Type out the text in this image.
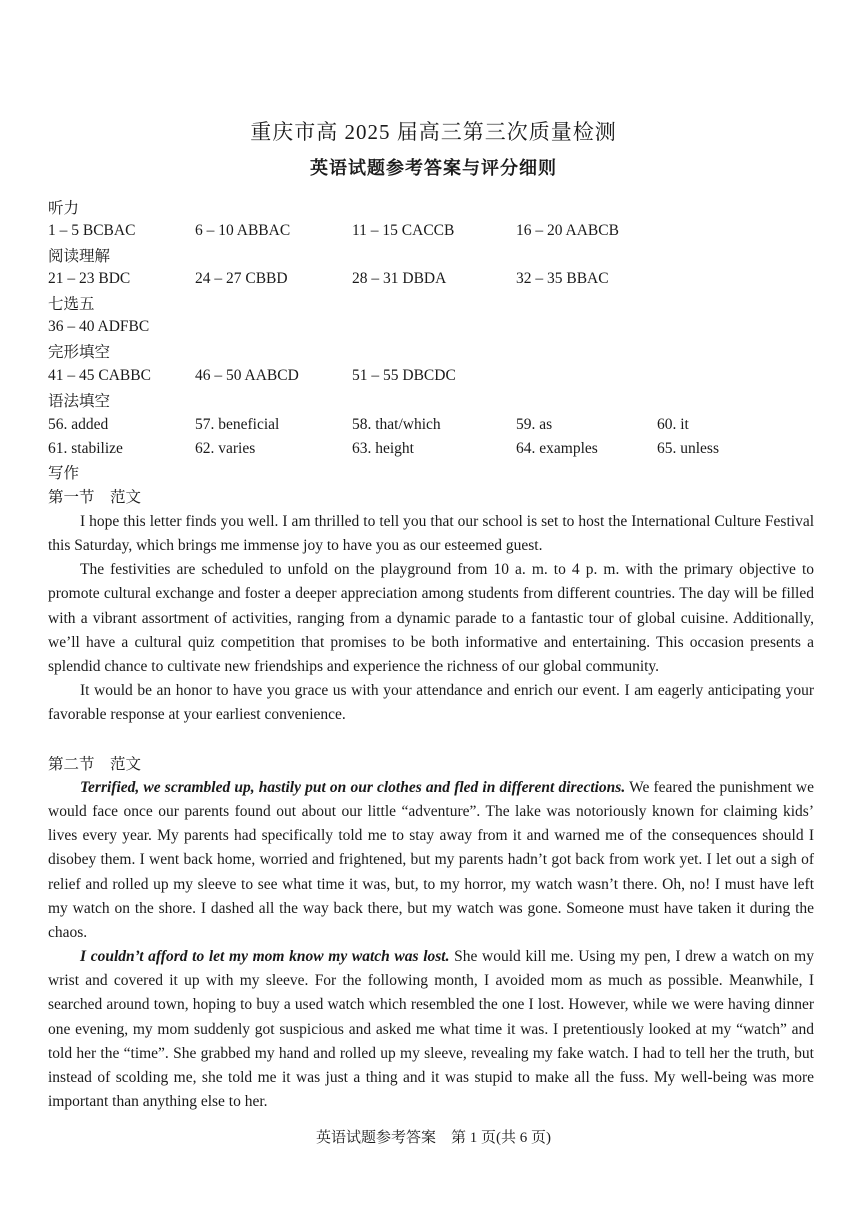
重庆市高 2025 届高三第三次质量检测
英语试题参考答案与评分细则
听力
1 – 5 BCBAC	6 – 10 ABBAC	11 – 15 CACCB	16 – 20 AABCB
阅读理解
21 – 23 BDC	24 – 27 CBBD	28 – 31 DBDA	32 – 35 BBAC
七选五
36 – 40 ADFBC
完形填空
41 – 45 CABBC	46 – 50 AABCD	51 – 55 DBCDC
语法填空
56. added	57. beneficial	58. that/which	59. as	60. it
61. stabilize	62. varies	63. height	64. examples	65. unless
写作
第一节　范文

I hope this letter finds you well. I am thrilled to tell you that our school is set to host the International Culture Festival this Saturday, which brings me immense joy to have you as our esteemed guest.

The festivities are scheduled to unfold on the playground from 10 a. m. to 4 p. m. with the primary objective to promote cultural exchange and foster a deeper appreciation among students from different countries. The day will be filled with a vibrant assortment of activities, ranging from a dynamic parade to a fantastic tour of global cuisine. Additionally, we’ll have a cultural quiz competition that promises to be both informative and entertaining. This occasion presents a splendid chance to cultivate new friendships and experience the richness of our global community.

It would be an honor to have you grace us with your attendance and enrich our event. I am eagerly anticipating your favorable response at your earliest convenience.

第二节　范文

Terrified, we scrambled up, hastily put on our clothes and fled in different directions. We feared the punishment we would face once our parents found out about our little “adventure”. The lake was notoriously known for claiming kids’ lives every year. My parents had specifically told me to stay away from it and warned me of the consequences should I disobey them. I went back home, worried and frightened, but my parents hadn’t got back from work yet. I let out a sigh of relief and rolled up my sleeve to see what time it was, but, to my horror, my watch wasn’t there. Oh, no! I must have left my watch on the shore. I dashed all the way back there, but my watch was gone. Someone must have taken it during the chaos.

I couldn’t afford to let my mom know my watch was lost. She would kill me. Using my pen, I drew a watch on my wrist and covered it up with my sleeve. For the following month, I avoided mom as much as possible. Meanwhile, I searched around town, hoping to buy a used watch which resembled the one I lost. However, while we were having dinner one evening, my mom suddenly got suspicious and asked me what time it was. I pretentiously looked at my “watch” and told her the “time”. She grabbed my hand and rolled up my sleeve, revealing my fake watch. I had to tell her the truth, but instead of scolding me, she told me it was just a thing and it was stupid to make all the fuss. My well-being was more important than anything else to her.

英语试题参考答案　第 1 页(共 6 页)
